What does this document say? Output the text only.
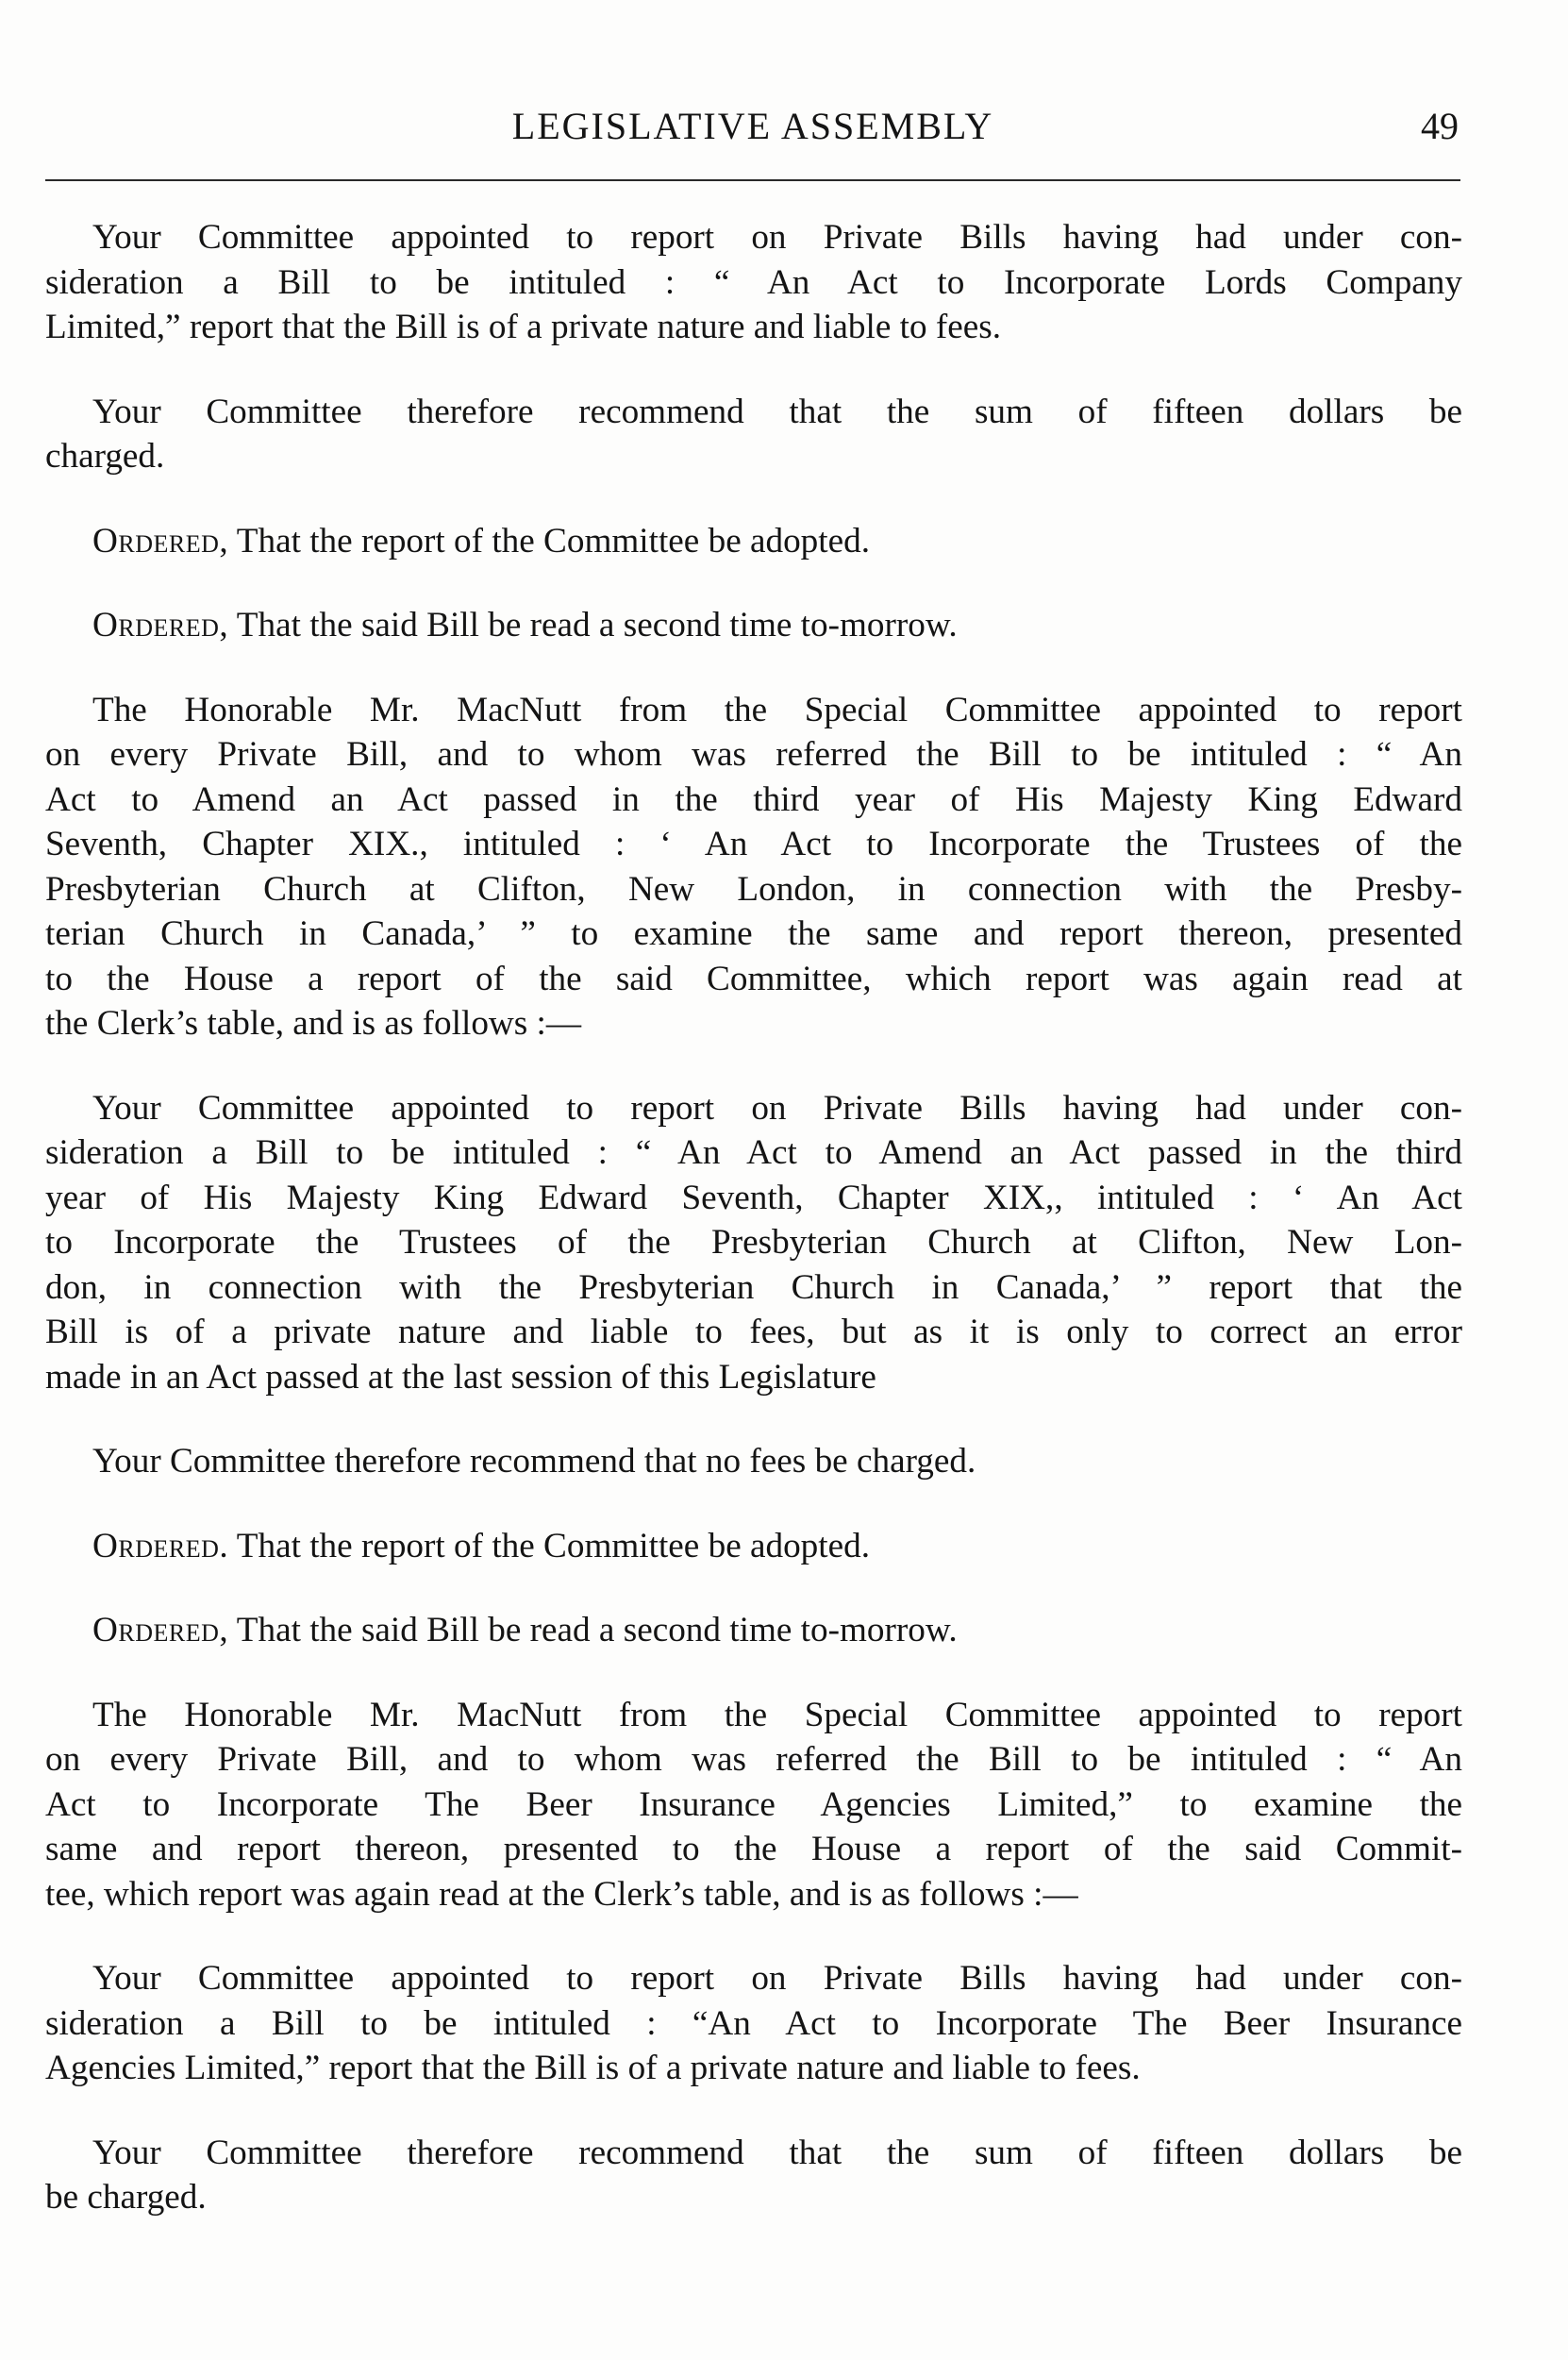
LEGISLATIVE ASSEMBLY	49
Your Committee appointed to report on Private Bills having had under con-
sideration a Bill to be intituled : “ An Act to Incorporate Lords Company
Limited,” report that the Bill is of a private nature and liable to fees.
Your Committee therefore recommend that the sum of fifteen dollars be
charged.
Ordered, That the report of the Committee be adopted.
Ordered, That the said Bill be read a second time to-morrow.
The Honorable Mr. MacNutt from the Special Committee appointed to report
on every Private Bill, and to whom was referred the Bill to be intituled : “ An
Act to Amend an Act passed in the third year of His Majesty King Edward
Seventh, Chapter XIX., intituled : ‘ An Act to Incorporate the Trustees of the
Presbyterian Church at Clifton, New London, in connection with the Presby-
terian Church in Canada,’ ” to examine the same and report thereon, presented
to the House a report of the said Committee, which report was again read at
the Clerk’s table, and is as follows :—
Your Committee appointed to report on Private Bills having had under con-
sideration a Bill to be intituled : “ An Act to Amend an Act passed in the third
year of His Majesty King Edward Seventh, Chapter XIX,, intituled : ‘ An Act
to Incorporate the Trustees of the Presbyterian Church at Clifton, New Lon-
don, in connection with the Presbyterian Church in Canada,’ ” report that the
Bill is of a private nature and liable to fees, but as it is only to correct an error
made in an Act passed at the last session of this Legislature
Your Committee therefore recommend that no fees be charged.
Ordered. That the report of the Committee be adopted.
Ordered, That the said Bill be read a second time to-morrow.
The Honorable Mr. MacNutt from the Special Committee appointed to report
on every Private Bill, and to whom was referred the Bill to be intituled : “ An
Act to Incorporate The Beer Insurance Agencies Limited,” to examine the
same and report thereon, presented to the House a report of the said Commit-
tee, which report was again read at the Clerk’s table, and is as follows :—
Your Committee appointed to report on Private Bills having had under con-
sideration a Bill to be intituled : “An Act to Incorporate The Beer Insurance
Agencies Limited,” report that the Bill is of a private nature and liable to fees.
Your Committee therefore recommend that the sum of fifteen dollars be
be charged.
